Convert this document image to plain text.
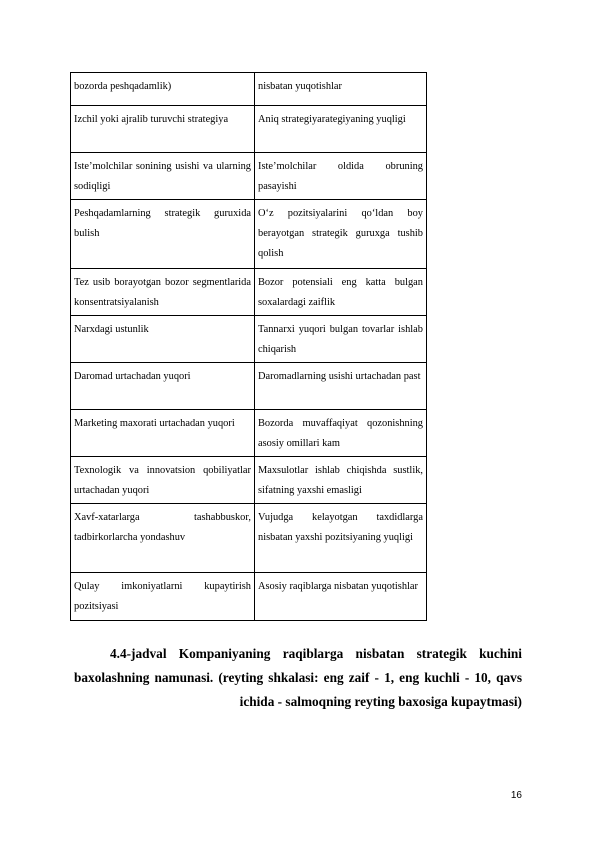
bozorda peshqadamlik)	nisbatan yuqotishlar
Izchil yoki ajralib turuvchi strategiya	Aniq strategiyarategiyaning yuqligi
Iste’molchilar sonining usishi va ularning sodiqligi	Iste’molchilar oldida obruning pasayishi
Peshqadamlarning strategik guruxida bulish	O‘z pozitsiyalarini qo‘ldan boy berayotgan strategik guruxga tushib qolish
Tez usib borayotgan bozor segmentlarida konsentratsiyalanish	Bozor potensiali eng katta bulgan soxalardagi zaiflik
Narxdagi ustunlik	Tannarxi yuqori bulgan tovarlar ishlab chiqarish
Daromad urtachadan yuqori	Daromadlarning usishi urtachadan past
Marketing maxorati urtachadan yuqori	Bozorda muvaffaqiyat qozonishning asosiy omillari kam
Texnologik va innovatsion qobiliyatlar urtachadan yuqori	Maxsulotlar ishlab chiqishda sustlik, sifatning yaxshi emasligi
Xavf-xatarlarga tashabbuskor, tadbirkorlarcha yondashuv	Vujudga kelayotgan taxdidlarga nisbatan yaxshi pozitsiyaning yuqligi
Qulay imkoniyatlarni kupaytirish pozitsiyasi	Asosiy raqiblarga nisbatan yuqotishlar
4.4-jadval Kompaniyaning raqiblarga nisbatan strategik kuchini baxolashning namunasi. (reyting shkalasi: eng zaif - 1, eng kuchli - 10, qavs ichida - salmoqning reyting baxosiga kupaytmasi)
16
